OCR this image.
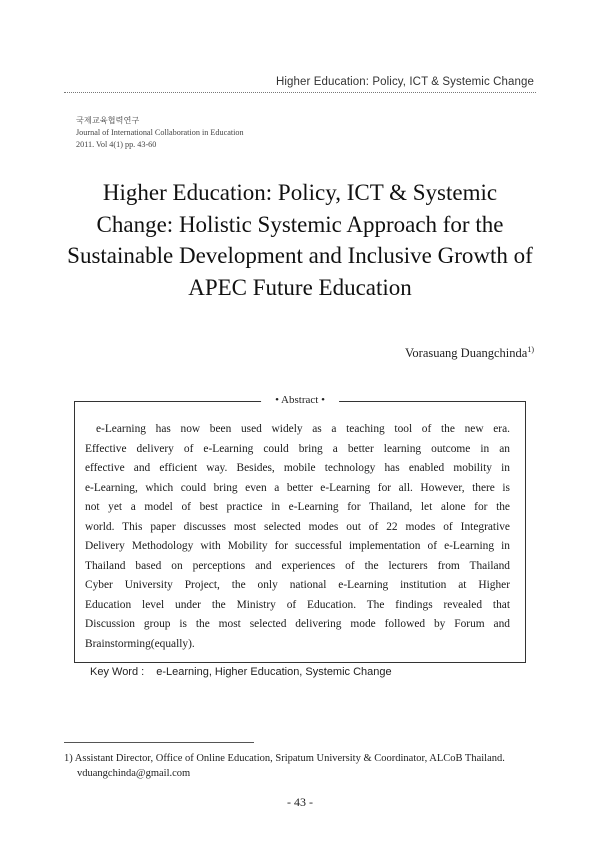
Higher Education: Policy, ICT & Systemic Change
국제교육협력연구
Journal of International Collaboration in Education
2011. Vol 4(1) pp. 43-60
Higher Education: Policy, ICT & Systemic
Change: Holistic Systemic Approach for the
Sustainable Development and Inclusive Growth of
APEC Future Education
Vorasuang Duangchinda$^{1)}$
• Abstract •
e-Learning has now been used widely as a teaching tool of the new era.
Effective delivery of e-Learning could bring a better learning outcome in an
effective and efficient way. Besides, mobile technology has enabled mobility in
e-Learning, which could bring even a better e-Learning for all. However, there is
not yet a model of best practice in e-Learning for Thailand, let alone for the
world. This paper discusses most selected modes out of 22 modes of Integrative
Delivery Methodology with Mobility for successful implementation of e-Learning in
Thailand based on perceptions and experiences of the lecturers from Thailand
Cyber University Project, the only national e-Learning institution at Higher
Education level under the Ministry of Education. The findings revealed that
Discussion group is the most selected delivering mode followed by Forum and
Brainstorming(equally).
Key Word : e-Learning, Higher Education, Systemic Change
1) Assistant Director, Office of Online Education, Sripatum University & Coordinator, ALCoB Thailand.
vduangchinda@gmail.com
- 43 -
